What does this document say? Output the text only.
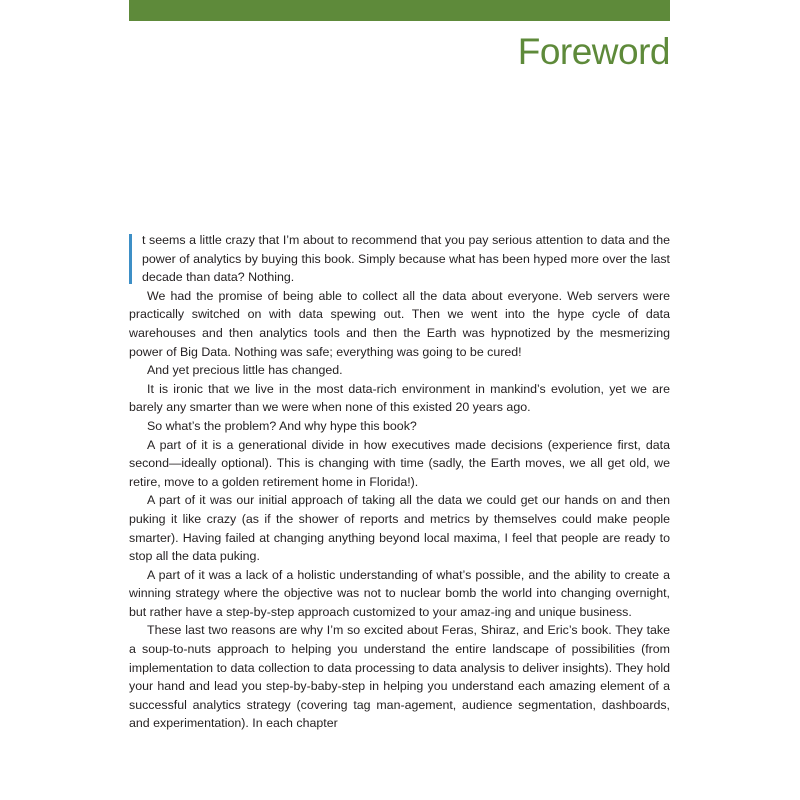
Foreword

t seems a little crazy that I’m about to recommend that you pay serious attention to data and the power of analytics by buying this book. Simply because what has been hyped more over the last decade than data? Nothing.

We had the promise of being able to collect all the data about everyone. Web servers were practically switched on with data spewing out. Then we went into the hype cycle of data warehouses and then analytics tools and then the Earth was hypnotized by the mesmerizing power of Big Data. Nothing was safe; everything was going to be cured!

And yet precious little has changed.

It is ironic that we live in the most data-rich environment in mankind’s evolution, yet we are barely any smarter than we were when none of this existed 20 years ago.

So what’s the problem? And why hype this book?

A part of it is a generational divide in how executives made decisions (experience first, data second—ideally optional). This is changing with time (sadly, the Earth moves, we all get old, we retire, move to a golden retirement home in Florida!).

A part of it was our initial approach of taking all the data we could get our hands on and then puking it like crazy (as if the shower of reports and metrics by themselves could make people smarter). Having failed at changing anything beyond local maxima, I feel that people are ready to stop all the data puking.

A part of it was a lack of a holistic understanding of what’s possible, and the ability to create a winning strategy where the objective was not to nuclear bomb the world into changing overnight, but rather have a step-by-step approach customized to your amaz-ing and unique business.

These last two reasons are why I’m so excited about Feras, Shiraz, and Eric’s book. They take a soup-to-nuts approach to helping you understand the entire landscape of possibilities (from implementation to data collection to data processing to data analysis to deliver insights). They hold your hand and lead you step-by-baby-step in helping you understand each amazing element of a successful analytics strategy (covering tag man-agement, audience segmentation, dashboards, and experimentation). In each chapter
